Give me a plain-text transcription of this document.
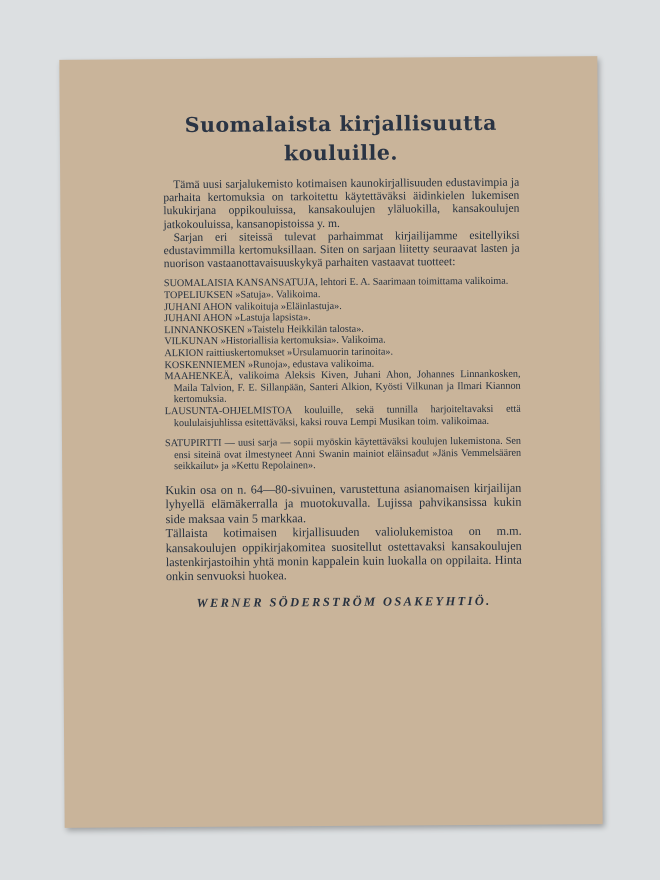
Suomalaista kirjallisuutta
kouluille.

Tämä uusi sarjalukemisto kotimaisen kaunokirjallisuuden edustavimpia ja parhaita kertomuksia on tarkoitettu käytettäväksi äidinkielen lukemisen lukukirjana oppikouluissa, kansakoulujen yläluokilla, kansakoulujen jatkokouluissa, kansanopistoissa y. m.

Sarjan eri siteissä tulevat parhaimmat kirjailijamme esitellyiksi edustavimmilla kertomuksillaan. Siten on sarjaan liitetty seuraavat lasten ja nuorison vastaanottavaisuuskykyä parhaiten vastaavat tuotteet:

SUOMALAISIA KANSANSATUJA, lehtori E. A. Saarimaan toimittama valikoima.
TOPELIUKSEN »Satuja». Valikoima.
JUHANI AHON valikoituja »Eläinlastuja».
JUHANI AHON »Lastuja lapsista».
LINNANKOSKEN »Taistelu Heikkilän talosta».
VILKUNAN »Historiallisia kertomuksia». Valikoima.
ALKION raittiuskertomukset »Ursulamuorin tarinoita».
KOSKENNIEMEN »Runoja», edustava valikoima.
MAAHENKEÄ, valikoima Aleksis Kiven, Juhani Ahon, Johannes Linnankosken, Maila Talvion, F. E. Sillanpään, Santeri Alkion, Kyösti Vilkunan ja Ilmari Kiannon kertomuksia.
LAUSUNTA-OHJELMISTOA kouluille, sekä tunnilla harjoiteltavaksi että koululaisjuhlissa esitettäväksi, kaksi rouva Lempi Musikan toim. valikoimaa.
SATUPIRTTI — uusi sarja — sopii myöskin käytettäväksi koulujen lukemistona. Sen ensi siteinä ovat ilmestyneet Anni Swanin mainiot eläinsadut »Jänis Vemmelsäären seikkailut» ja »Kettu Repolainen».

Kukin osa on n. 64—80-sivuinen, varustettuna asianomaisen kirjailijan lyhyellä elämäkerralla ja muotokuvalla. Lujissa pahvikansissa kukin side maksaa vain 5 markkaa.

Tällaista kotimaisen kirjallisuuden valiolukemistoa on m.m. kansakoulujen oppikirjakomitea suositellut ostettavaksi kansakoulujen lastenkirjastoihin yhtä monin kappalein kuin luokalla on oppilaita. Hinta onkin senvuoksi huokea.

WERNER SÖDERSTRÖM OSAKEYHTIÖ.
